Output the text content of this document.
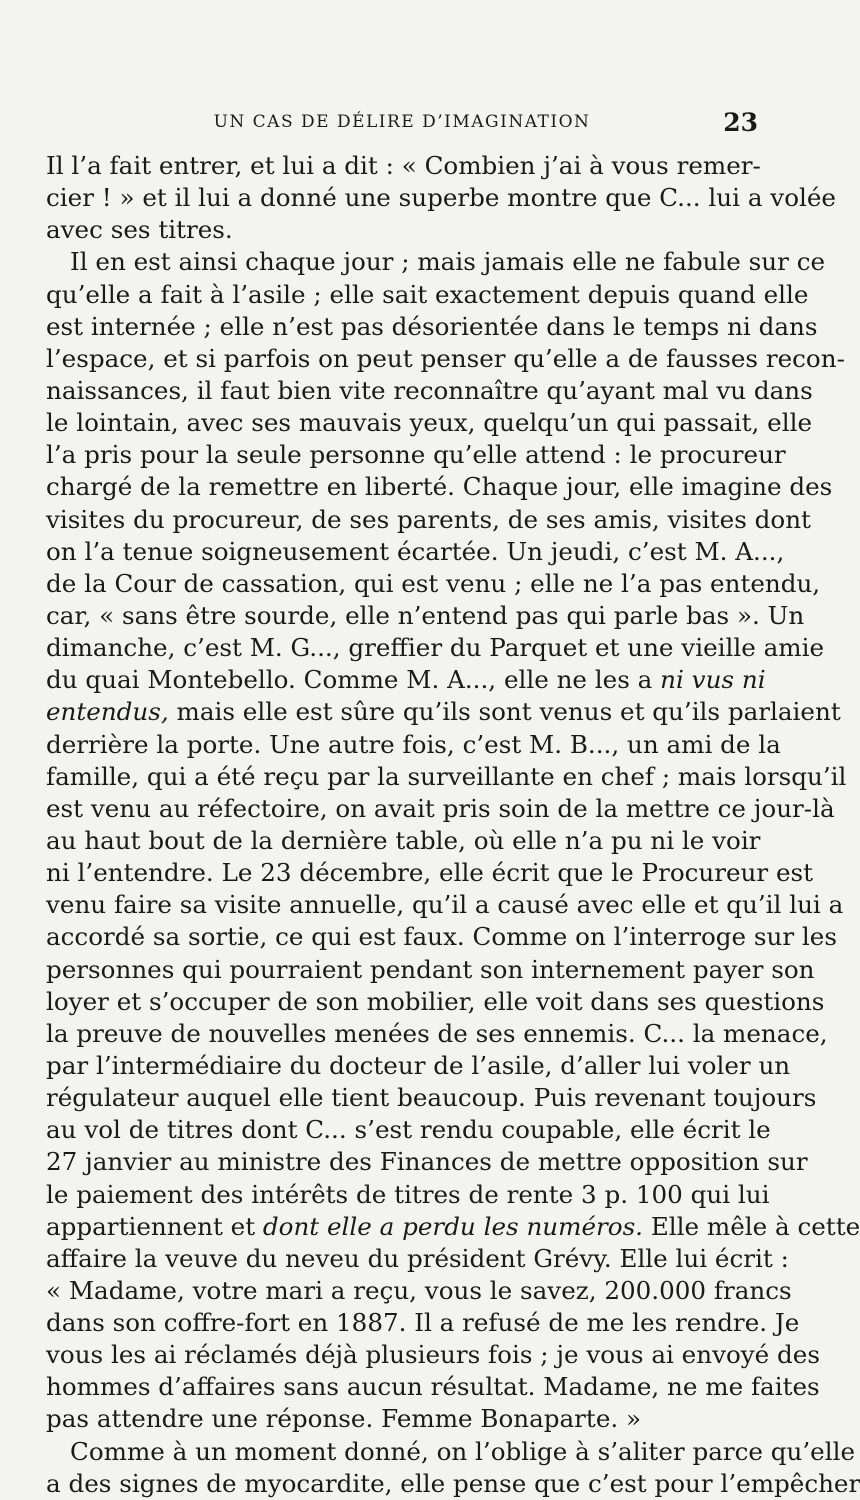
UN CAS DE DÉLIRE D’IMAGINATION	23
Il l’a fait entrer, et lui a dit : « Combien j’ai à vous remer-
cier ! » et il lui a donné une superbe montre que C... lui a volée
avec ses titres.
Il en est ainsi chaque jour ; mais jamais elle ne fabule sur ce
qu’elle a fait à l’asile ; elle sait exactement depuis quand elle
est internée ; elle n’est pas désorientée dans le temps ni dans
l’espace, et si parfois on peut penser qu’elle a de fausses recon-
naissances, il faut bien vite reconnaître qu’ayant mal vu dans
le lointain, avec ses mauvais yeux, quelqu’un qui passait, elle
l’a pris pour la seule personne qu’elle attend : le procureur
chargé de la remettre en liberté. Chaque jour, elle imagine des
visites du procureur, de ses parents, de ses amis, visites dont
on l’a tenue soigneusement écartée. Un jeudi, c’est M. A...,
de la Cour de cassation, qui est venu ; elle ne l’a pas entendu,
car, « sans être sourde, elle n’entend pas qui parle bas ». Un
dimanche, c’est M. G..., greffier du Parquet et une vieille amie
du quai Montebello. Comme M. A..., elle ne les a ni vus ni
entendus, mais elle est sûre qu’ils sont venus et qu’ils parlaient
derrière la porte. Une autre fois, c’est M. B..., un ami de la
famille, qui a été reçu par la surveillante en chef ; mais lorsqu’il
est venu au réfectoire, on avait pris soin de la mettre ce jour-là
au haut bout de la dernière table, où elle n’a pu ni le voir
ni l’entendre. Le 23 décembre, elle écrit que le Procureur est
venu faire sa visite annuelle, qu’il a causé avec elle et qu’il lui a
accordé sa sortie, ce qui est faux. Comme on l’interroge sur les
personnes qui pourraient pendant son internement payer son
loyer et s’occuper de son mobilier, elle voit dans ses questions
la preuve de nouvelles menées de ses ennemis. C... la menace,
par l’intermédiaire du docteur de l’asile, d’aller lui voler un
régulateur auquel elle tient beaucoup. Puis revenant toujours
au vol de titres dont C... s’est rendu coupable, elle écrit le
27 janvier au ministre des Finances de mettre opposition sur
le paiement des intérêts de titres de rente 3 p. 100 qui lui
appartiennent et dont elle a perdu les numéros. Elle mêle à cette
affaire la veuve du neveu du président Grévy. Elle lui écrit :
« Madame, votre mari a reçu, vous le savez, 200.000 francs
dans son coffre-fort en 1887. Il a refusé de me les rendre. Je
vous les ai réclamés déjà plusieurs fois ; je vous ai envoyé des
hommes d’affaires sans aucun résultat. Madame, ne me faites
pas attendre une réponse. Femme Bonaparte. »
Comme à un moment donné, on l’oblige à s’aliter parce qu’elle
a des signes de myocardite, elle pense que c’est pour l’empêcher
